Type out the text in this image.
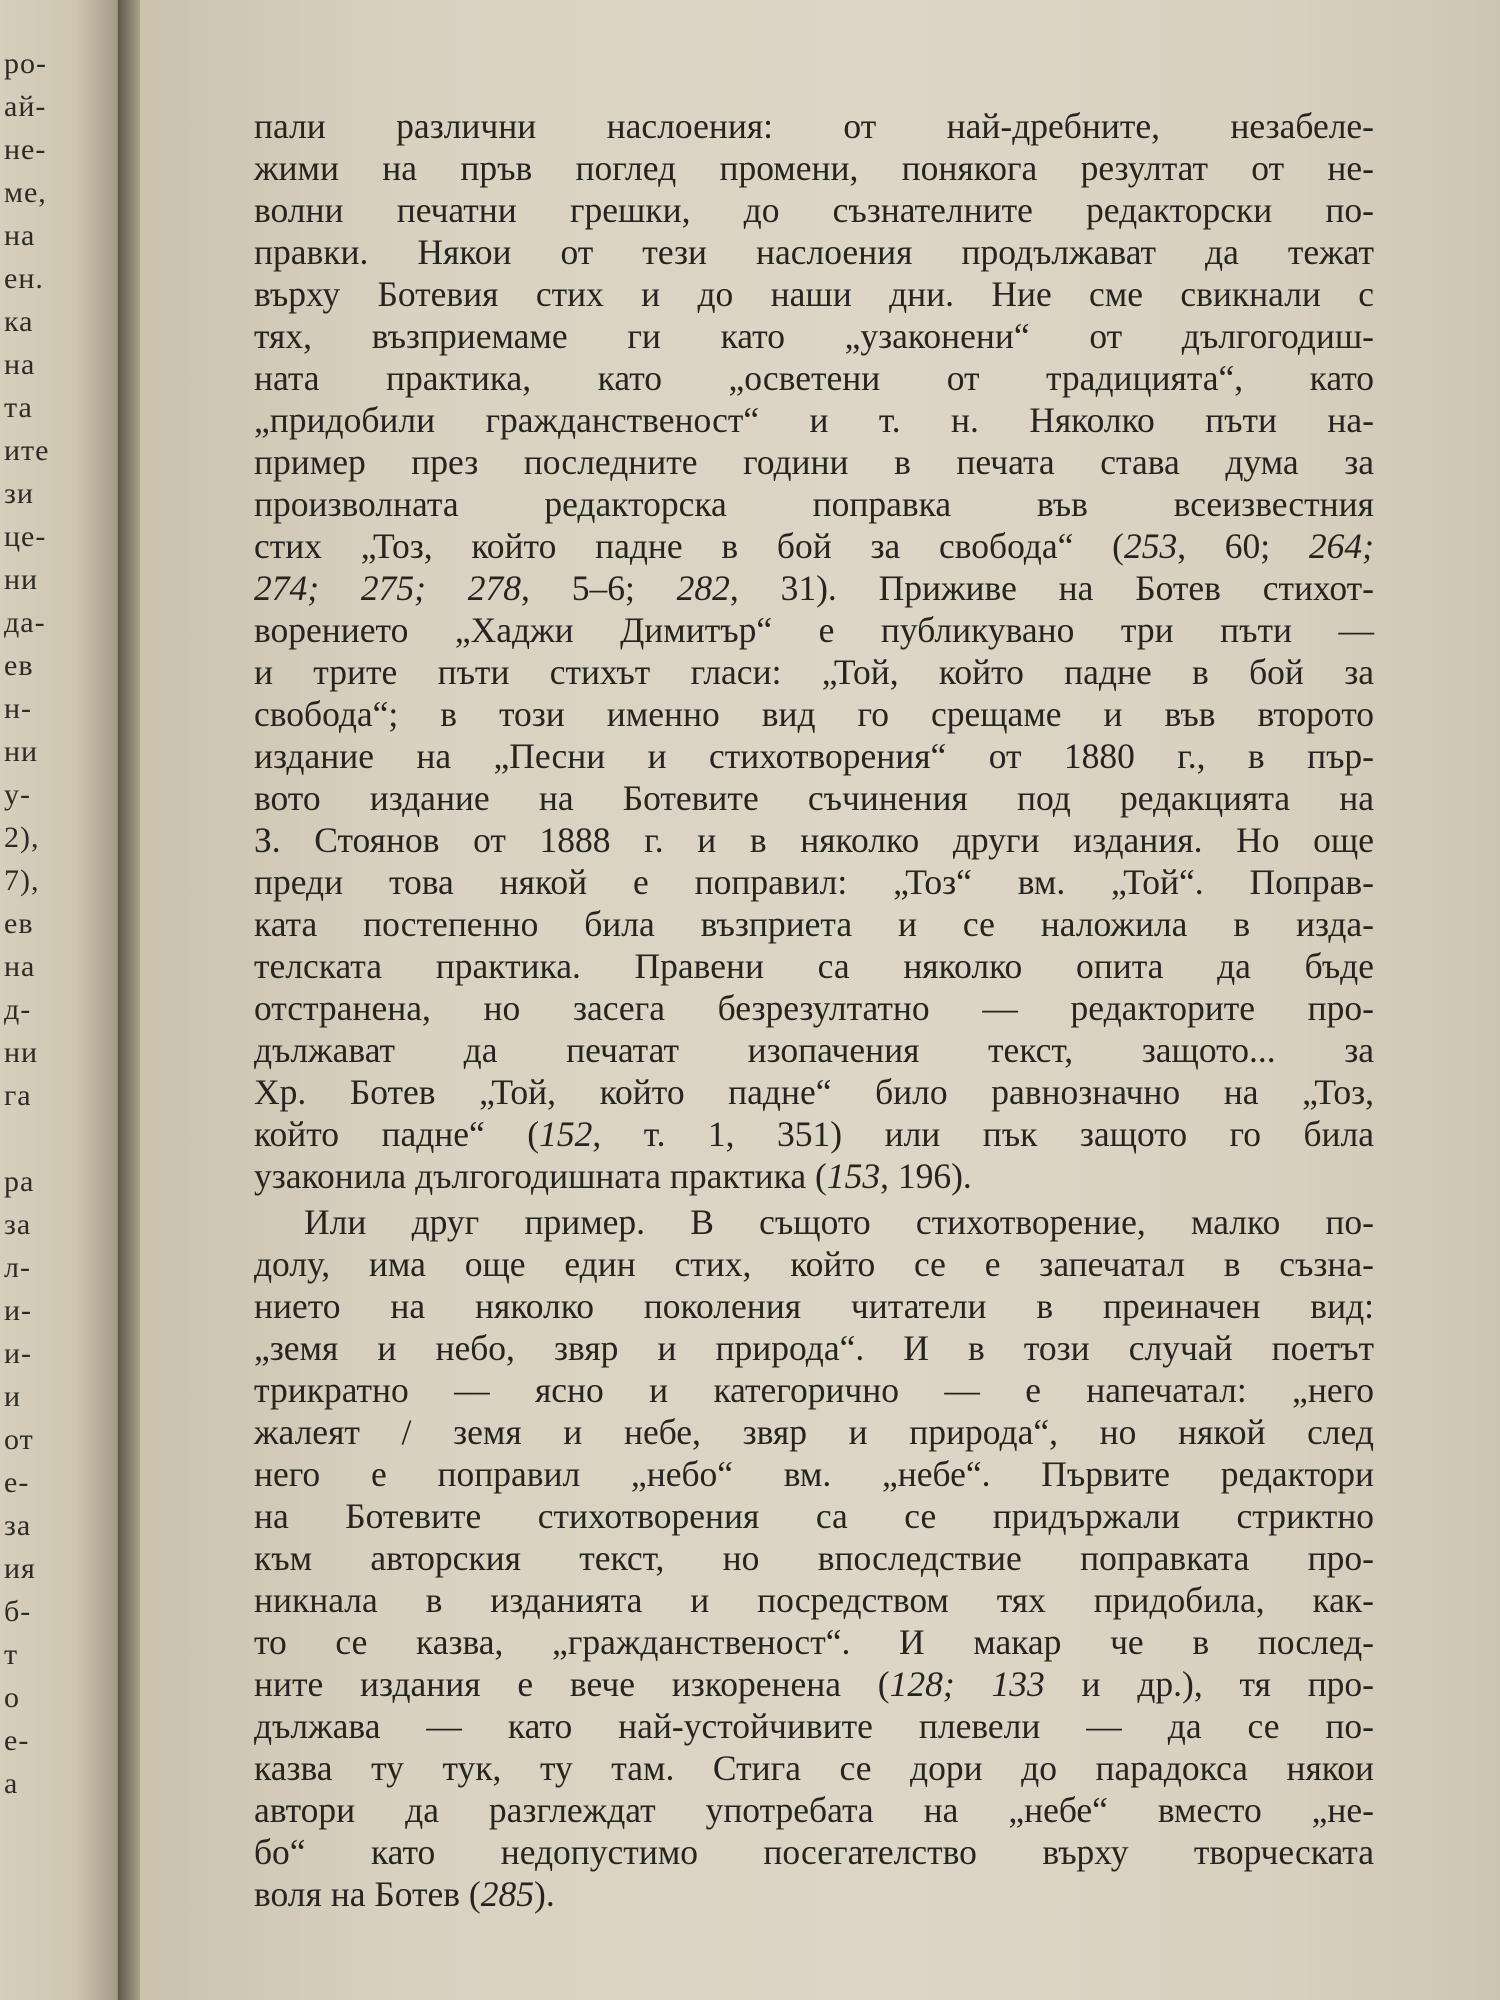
ро-
ай-
не-
ме,
на
ен.
ка
на
та
ите
зи
це-
ни
да-
ев
н-
ни
у-
2),
7),
ев
на
д-
ни
га

ра
за
л-
и-
и-
и
от
е-
за
ия
б-
т
о
е-
а
пали различни наслоения: от най-дребните, незабеле-
жими на пръв поглед промени, понякога резултат от не-
волни печатни грешки, до съзнателните редакторски по-
правки. Някои от тези наслоения продължават да тежат
върху Ботевия стих и до наши дни. Ние сме свикнали с
тях, възприемаме ги като „узаконени“ от дългогодиш-
ната практика, като „осветени от традицията“, като
„придобили гражданственост“ и т. н. Няколко пъти на-
пример през последните години в печата става дума за
произволната редакторска поправка във всеизвестния
стих „Тоз, който падне в бой за свобода“ (253, 60; 264;
274; 275; 278, 5–6; 282, 31). Приживе на Ботев стихот-
ворението „Хаджи Димитър“ е публикувано три пъти —
и трите пъти стихът гласи: „Той, който падне в бой за
свобода“; в този именно вид го срещаме и във второто
издание на „Песни и стихотворения“ от 1880 г., в пър-
вото издание на Ботевите съчинения под редакцията на
З. Стоянов от 1888 г. и в няколко други издания. Но още
преди това някой е поправил: „Тоз“ вм. „Той“. Поправ-
ката постепенно била възприета и се наложила в изда-
телската практика. Правени са няколко опита да бъде
отстранена, но засега безрезултатно — редакторите про-
дължават да печатат изопачения текст, защото... за
Хр. Ботев „Той, който падне“ било равнозначно на „Тоз,
който падне“ (152, т. 1, 351) или пък защото го била
узаконила дългогодишната практика (153, 196).
Или друг пример. В същото стихотворение, малко по-
долу, има още един стих, който се е запечатал в съзна-
нието на няколко поколения читатели в преиначен вид:
„земя и небо, звяр и природа“. И в този случай поетът
трикратно — ясно и категорично — е напечатал: „него
жалеят / земя и небе, звяр и природа“, но някой след
него е поправил „небо“ вм. „небе“. Първите редактори
на Ботевите стихотворения са се придържали стриктно
към авторския текст, но впоследствие поправката про-
никнала в изданията и посредством тях придобила, как-
то се казва, „гражданственост“. И макар че в послед-
ните издания е вече изкоренена (128; 133 и др.), тя про-
дължава — като най-устойчивите плевели — да се по-
казва ту тук, ту там. Стига се дори до парадокса някои
автори да разглеждат употребата на „небе“ вместо „не-
бо“ като недопустимо посегателство върху творческата
воля на Ботев (285).
